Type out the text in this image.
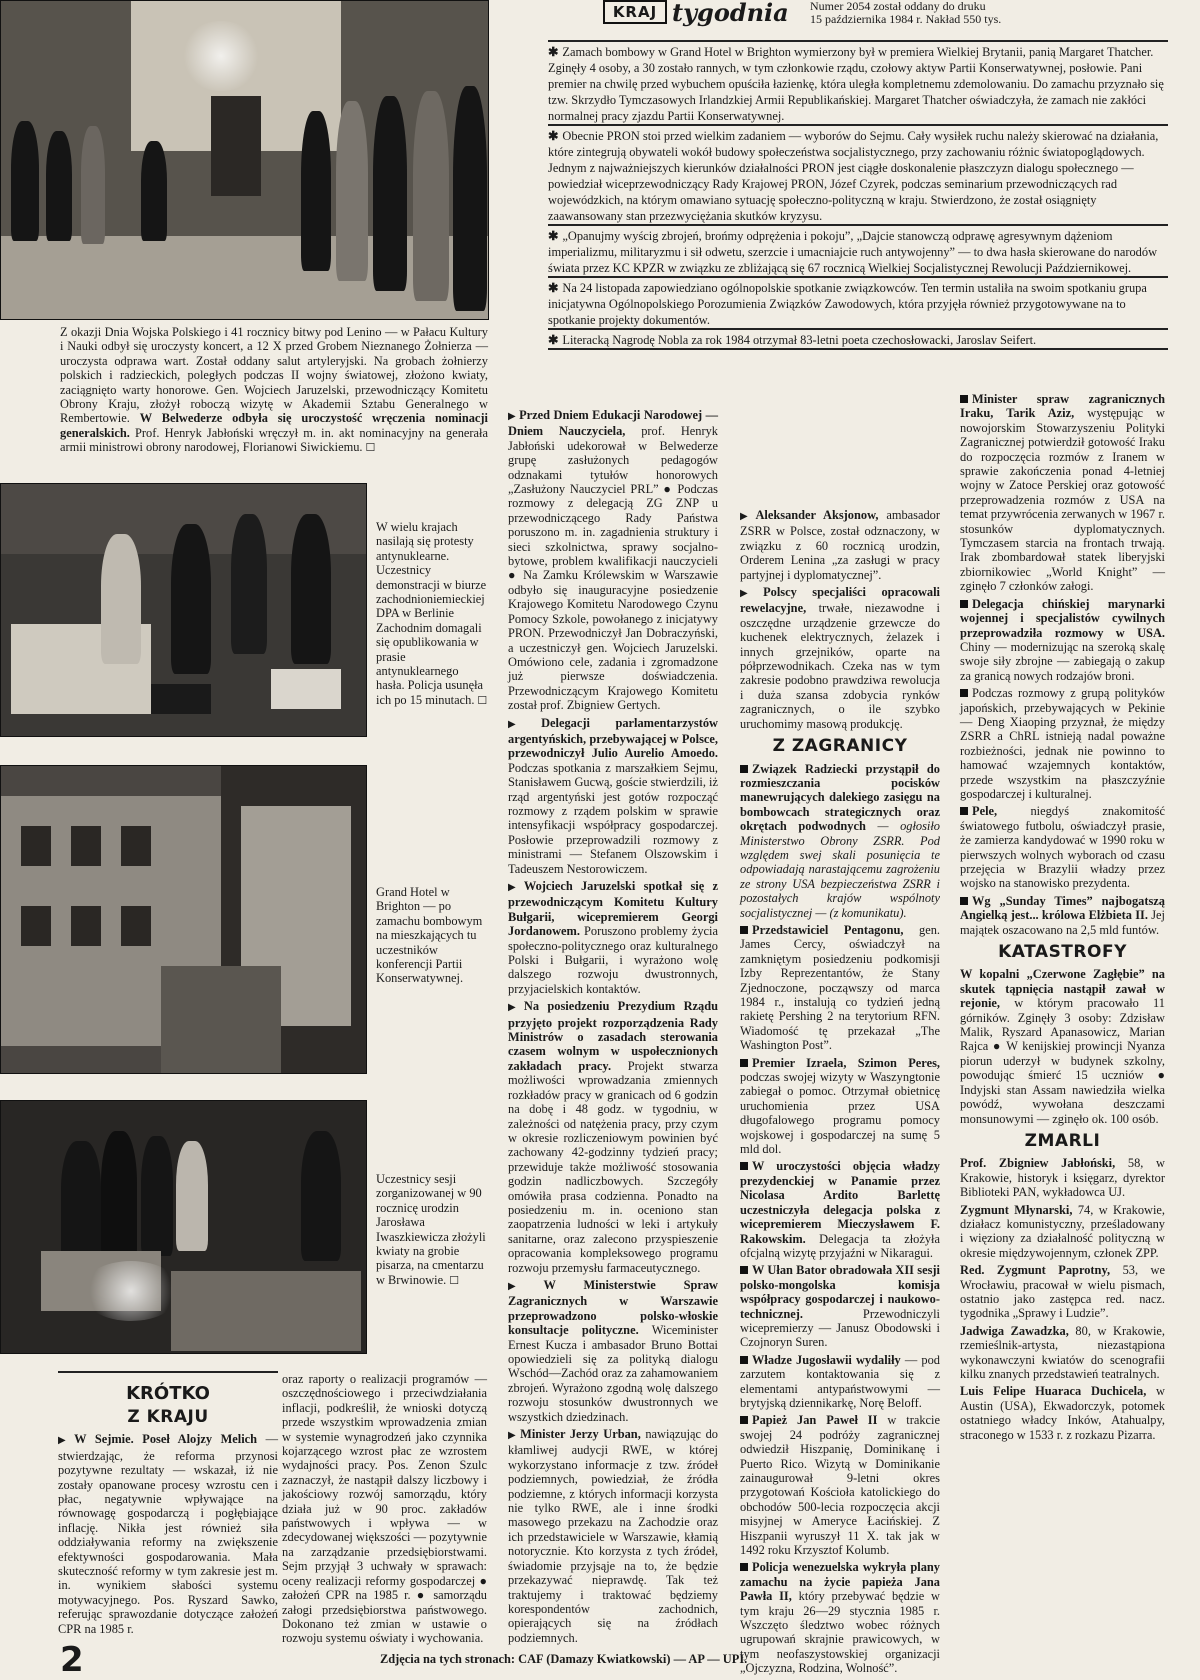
KRAJ tygodnia Numer 2054 został oddany do druku
15 października 1984 r. Nakład 550 tys.
✱ Zamach bombowy w Grand Hotel w Brighton wymierzony był w premiera Wielkiej Brytanii, panią Margaret Thatcher. Zginęły 4 osoby, a 30 zostało rannych, w tym członkowie rządu, czołowy aktyw Partii Konserwatywnej, posłowie. Pani premier na chwilę przed wybuchem opuściła łazienkę, która uległa kompletnemu zdemolowaniu. Do zamachu przyznało się tzw. Skrzydło Tymczasowych Irlandzkiej Armii Republikańskiej. Margaret Thatcher oświadczyła, że zamach nie zakłóci normalnej pracy zjazdu Partii Konserwatywnej.
✱ Obecnie PRON stoi przed wielkim zadaniem — wyborów do Sejmu. Cały wysiłek ruchu należy skierować na działania, które zintegrują obywateli wokół budowy społeczeństwa socjalistycznego, przy zachowaniu różnic światopoglądowych. Jednym z najważniejszych kierunków działalności PRON jest ciągłe doskonalenie płaszczyzn dialogu społecznego — powiedział wiceprzewodniczący Rady Krajowej PRON, Józef Czyrek, podczas seminarium przewodniczących rad wojewódzkich, na którym omawiano sytuację społeczno-polityczną w kraju. Stwierdzono, że został osiągnięty zaawansowany stan przezwyciężania skutków kryzysu.
✱ „Opanujmy wyścig zbrojeń, brońmy odprężenia i pokoju”, „Dajcie stanowczą odprawę agresywnym dążeniom imperializmu, militaryzmu i sił odwetu, szerzcie i umacniajcie ruch antywojenny” — to dwa hasła skierowane do narodów świata przez KC KPZR w związku ze zbliżającą się 67 rocznicą Wielkiej Socjalistycznej Rewolucji Październikowej.
✱ Na 24 listopada zapowiedziano ogólnopolskie spotkanie związkowców. Ten termin ustaliła na swoim spotkaniu grupa inicjatywna Ogólnopolskiego Porozumienia Związków Zawodowych, która przyjęła również przygotowywane na to spotkanie projekty dokumentów.
✱ Literacką Nagrodę Nobla za rok 1984 otrzymał 83-letni poeta czechosłowacki, Jaroslav Seifert.
Z okazji Dnia Wojska Polskiego i 41 rocznicy bitwy pod Lenino — w Pałacu Kultury i Nauki odbył się uroczysty koncert, a 12 X przed Grobem Nieznanego Żołnierza — uroczysta odprawa wart. Został oddany salut artyleryjski. Na grobach żołnierzy polskich i radzieckich, poległych podczas II wojny światowej, złożono kwiaty, zaciągnięto warty honorowe. Gen. Wojciech Jaruzelski, przewodniczący Komitetu Obrony Kraju, złożył roboczą wizytę w Akademii Sztabu Generalnego w Rembertowie. W Belwederze odbyła się uroczystość wręczenia nominacji generalskich. Prof. Henryk Jabłoński wręczył m. in. akt nominacyjny na generała armii ministrowi obrony narodowej, Florianowi Siwickiemu. ☐
W wielu krajach nasilają się protesty antynuklearne. Uczestnicy demonstracji w biurze zachodnioniemieckiej DPA w Berlinie Zachodnim domagali się opublikowania w prasie antynuklearnego hasła. Policja usunęła ich po 15 minutach. ☐
Grand Hotel w Brighton — po zamachu bombowym na mieszkających tu uczestników konferencji Partii Konserwatywnej.
Uczestnicy sesji zorganizowanej w 90 rocznicę urodzin Jarosława Iwaszkiewicza złożyli kwiaty na grobie pisarza, na cmentarzu w Brwinowie. ☐
KRÓTKO
Z KRAJU

▶ W Sejmie. Poseł Alojzy Melich — stwierdzając, że reforma przynosi pozytywne rezultaty — wskazał, iż nie zostały opanowane procesy wzrostu cen i płac, negatywnie wpływające na równowagę gospodarczą i pogłębiające inflację. Nikła jest również siła oddziaływania reformy na zwiększenie efektywności gospodarowania. Mała skuteczność reformy w tym zakresie jest m. in. wynikiem słabości systemu motywacyjnego. Pos. Ryszard Sawko, referując sprawozdanie dotyczące założeń CPR na 1985 r.

oraz raporty o realizacji programów — oszczędnościowego i przeciwdziałania inflacji, podkreślił, że wnioski dotyczą przede wszystkim wprowadzenia zmian w systemie wynagrodzeń jako czynnika kojarzącego wzrost płac ze wzrostem wydajności pracy. Pos. Zenon Szulc zaznaczył, że nastąpił dalszy liczbowy i jakościowy rozwój samorządu, który działa już w 90 proc. zakładów państwowych i wpływa — w zdecydowanej większości — pozytywnie na zarządzanie przedsiębiorstwami. Sejm przyjął 3 uchwały w sprawach: oceny realizacji reformy gospodarczej ● założeń CPR na 1985 r. ● samorządu załogi przedsiębiorstwa państwowego. Dokonano też zmian w ustawie o rozwoju systemu oświaty i wychowania.

▶ Przed Dniem Edukacji Narodowej — Dniem Nauczyciela, prof. Henryk Jabłoński udekorował w Belwederze grupę zasłużonych pedagogów odznakami tytułów honorowych „Zasłużony Nauczyciel PRL” ● Podczas rozmowy z delegacją ZG ZNP u przewodniczącego Rady Państwa poruszono m. in. zagadnienia struktury i sieci szkolnictwa, sprawy socjalno-bytowe, problem kwalifikacji nauczycieli ● Na Zamku Królewskim w Warszawie odbyło się inauguracyjne posiedzenie Krajowego Komitetu Narodowego Czynu Pomocy Szkole, powołanego z inicjatywy PRON. Przewodniczył Jan Dobraczyński, a uczestniczył gen. Wojciech Jaruzelski. Omówiono cele, zadania i zgromadzone już pierwsze doświadczenia. Przewodniczącym Krajowego Komitetu został prof. Zbigniew Gertych.

▶ Delegacji parlamentarzystów argentyńskich, przebywającej w Polsce, przewodniczył Julio Aurelio Amoedo. Podczas spotkania z marszałkiem Sejmu, Stanisławem Gucwą, goście stwierdzili, iż rząd argentyński jest gotów rozpocząć rozmowy z rządem polskim w sprawie intensyfikacji współpracy gospodarczej. Posłowie przeprowadzili rozmowy z ministrami — Stefanem Olszowskim i Tadeuszem Nestorowiczem.

▶ Wojciech Jaruzelski spotkał się z przewodniczącym Komitetu Kultury Bułgarii, wicepremierem Georgi Jordanowem. Poruszono problemy życia społeczno-politycznego oraz kulturalnego Polski i Bułgarii, i wyrażono wolę dalszego rozwoju dwustronnych, przyjacielskich kontaktów.

▶ Na posiedzeniu Prezydium Rządu przyjęto projekt rozporządzenia Rady Ministrów o zasadach sterowania czasem wolnym w uspołecznionych zakładach pracy. Projekt stwarza możliwości wprowadzania zmiennych rozkładów pracy w granicach od 6 godzin na dobę i 48 godz. w tygodniu, w zależności od natężenia pracy, przy czym w okresie rozliczeniowym powinien być zachowany 42-godzinny tydzień pracy; przewiduje także możliwość stosowania godzin nadliczbowych. Szczegóły omówiła prasa codzienna. Ponadto na posiedzeniu m. in. oceniono stan zaopatrzenia ludności w leki i artykuły sanitarne, oraz zalecono przyspieszenie opracowania kompleksowego programu rozwoju przemysłu farmaceutycznego.

▶ W Ministerstwie Spraw Zagranicznych w Warszawie przeprowadzono polsko-włoskie konsultacje polityczne. Wiceminister Ernest Kucza i ambasador Bruno Bottai opowiedzieli się za polityką dialogu Wschód—Zachód oraz za zahamowaniem zbrojeń. Wyrażono zgodną wolę dalszego rozwoju stosunków dwustronnych we wszystkich dziedzinach.

▶ Minister Jerzy Urban, nawiązując do kłamliwej audycji RWE, w której wykorzystano informacje z tzw. źródeł podziemnych, powiedział, że źródła podziemne, z których informacji korzysta nie tylko RWE, ale i inne środki masowego przekazu na Zachodzie oraz ich przedstawiciele w Warszawie, kłamią notorycznie. Kto korzysta z tych źródeł, świadomie przyjsąje na to, że będzie przekazywać nieprawdę. Tak też traktujemy i traktować będziemy korespondentów zachodnich, opierających się na źródłach podziemnych.

▶ Aleksander Aksjonow, ambasador ZSRR w Polsce, został odznaczony, w związku z 60 rocznicą urodzin, Orderem Lenina „za zasługi w pracy partyjnej i dyplomatycznej”.

▶ Polscy specjaliści opracowali rewelacyjne, trwałe, niezawodne i oszczędne urządzenie grzewcze do kuchenek elektrycznych, żelazek i innych grzejników, oparte na półprzewodnikach. Czeka nas w tym zakresie podobno prawdziwa rewolucja i duża szansa zdobycia rynków zagranicznych, o ile szybko uruchomimy masową produkcję.

Z ZAGRANICY

Związek Radziecki przystąpił do rozmieszczania pocisków manewrujących dalekiego zasięgu na bombowcach strategicznych oraz okrętach podwodnych — ogłosiło Ministerstwo Obrony ZSRR. Pod względem swej skali posunięcia te odpowiadają narastającemu zagrożeniu ze strony USA bezpieczeństwa ZSRR i pozostałych krajów wspólnoty socjalistycznej — (z komunikatu).

Przedstawiciel Pentagonu, gen. James Cercy, oświadczył na zamkniętym posiedzeniu podkomisji Izby Reprezentantów, że Stany Zjednoczone, począwszy od marca 1984 r., instalują co tydzień jedną rakietę Pershing 2 na terytorium RFN. Wiadomość tę przekazał „The Washington Post”.

Premier Izraela, Szimon Peres, podczas swojej wizyty w Waszyngtonie zabiegał o pomoc. Otrzymał obietnicę uruchomienia przez USA długofalowego programu pomocy wojskowej i gospodarczej na sumę 5 mld dol.

W uroczystości objęcia władzy prezydenckiej w Panamie przez Nicolasa Ardito Barlettę uczestniczyła delegacja polska z wicepremierem Mieczysławem F. Rakowskim. Delegacja ta złożyła ofcjalną wizytę przyjaźni w Nikaragui.

W Ułan Bator obradowała XII sesji polsko-mongolska komisja współpracy gospodarczej i naukowo-technicznej.	Przewodniczyli wicepremierzy — Janusz Obodowski i Czojnoryn Suren.

Władze Jugosławii wydaliły — pod zarzutem kontaktowania się z elementami antypaństwowymi — brytyjską dziennikarkę, Norę Beloff.

Papież Jan Paweł II w trakcie swojej 24 podróży zagranicznej odwiedził Hiszpanię, Dominikanę i Puerto Rico. Wizytą w Dominikanie zainaugurował 9-letni okres przygotowań Kościoła katolickiego do obchodów 500-lecia rozpoczęcia akcji misyjnej w Ameryce Łacińskiej. Z Hiszpanii wyruszył 11 X. tak jak w 1492 roku Krzysztof Kolumb.

Policja wenezuelska wykryła plany zamachu na życie papieża Jana Pawła II, który przebywać będzie w tym kraju 26—29 stycznia 1985 r. Wszczęto śledztwo wobec różnych ugrupowań skrajnie prawicowych, w tym neofaszystowskiej organizacji „Ojczyzna, Rodzina, Wolność”.

Minister spraw zagranicznych Iraku, Tarik Aziz, występując w nowojorskim Stowarzyszeniu Polityki Zagranicznej potwierdził gotowość Iraku do rozpoczęcia rozmów z Iranem w sprawie zakończenia ponad 4-letniej wojny w Zatoce Perskiej oraz gotowość przeprowadzenia rozmów z USA na temat przywrócenia zerwanych w 1967 r. stosunków dyplomatycznych. Tymczasem starcia na frontach trwają. Irak zbombardował statek liberyjski zbiornikowiec „World Knight” — zginęło 7 członków załogi.

Delegacja chińskiej marynarki wojennej i specjalistów cywilnych przeprowadziła rozmowy w USA. Chiny — modernizując na szeroką skalę swoje siły zbrojne — zabiegają o zakup za granicą nowych rodzajów broni.

Podczas rozmowy z grupą polityków japońskich, przebywających w Pekinie — Deng Xiaoping przyznał, że między ZSRR a ChRL istnieją nadal poważne rozbieżności, jednak nie powinno to hamować wzajemnych kontaktów, przede wszystkim na płaszczyźnie gospodarczej i kulturalnej.

Pele,	niegdyś znakomitość światowego futbolu, oświadczył prasie, że zamierza kandydować w 1990 roku w pierwszych wolnych wyborach od czasu przejęcia w Brazylii władzy przez wojsko na stanowisko prezydenta.

Wg „Sunday Times” najbogatszą Angielką jest... królowa Elżbieta II. Jej majątek oszacowano na 2,5 mld funtów.

KATASTROFY

W kopalni „Czerwone Zagłębie” na skutek tąpnięcia nastąpił zawał w rejonie, w którym pracowało 11 górników. Zginęły 3 osoby: Zdzisław Malik, Ryszard Apanasowicz, Marian Rajca ● W kenijskiej prowincji Nyanza piorun uderzył w budynek szkolny, powodując śmierć 15 uczniów ● Indyjski stan Assam nawiedziła wielka powódź, wywołana deszczami monsunowymi — zginęło ok. 100 osób.

ZMARLI

Prof. Zbigniew Jabłoński, 58, w Krakowie, historyk i księgarz, dyrektor Biblioteki PAN, wykładowca UJ.

Zygmunt Młynarski, 74, w Krakowie, działacz komunistyczny, prześladowany i więziony za działalność polityczną w okresie międzywojennym, członek ZPP.

Red. Zygmunt Paprotny, 53, we Wrocławiu, pracował w wielu pismach, ostatnio jako zastępca red. nacz. tygodnika „Sprawy i Ludzie”.

Jadwiga Zawadzka, 80, w Krakowie, rzemieślnik-artysta, niezastąpiona wykonawczyni kwiatów do scenografii kilku znanych przedstawień teatralnych.

Luis Felipe Huaraca Duchicela, w Austin (USA), Ekwadorczyk, potomek ostatniego władcy Inków, Atahualpy, straconego w 1533 r. z rozkazu Pizarra.

2	Zdjęcia na tych stronach: CAF (Damazy Kwiatkowski) — AP — UPI.
